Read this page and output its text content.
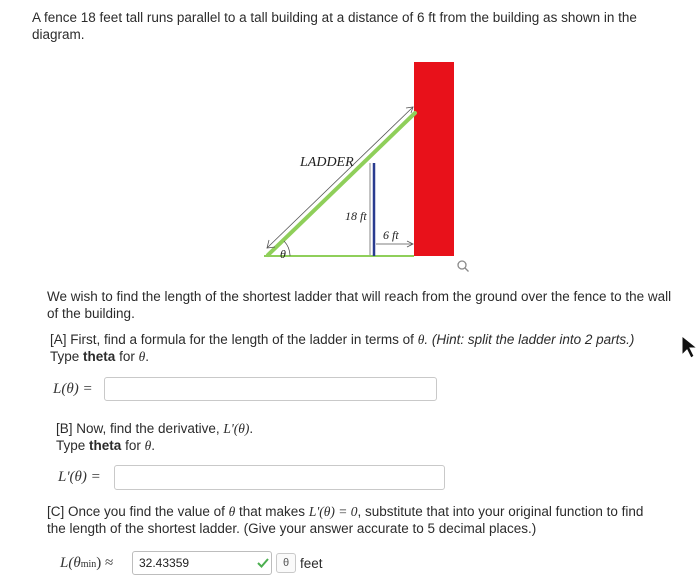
A fence 18 feet tall runs parallel to a tall building at a distance of 6 ft from the building as shown in the
diagram.
LADDER
18 ft
6 ft
θ
We wish to find the length of the shortest ladder that will reach from the ground over the fence to the wall
of the building.
[A] First, find a formula for the length of the ladder in terms of θ. (Hint: split the ladder into 2 parts.)
Type theta for θ.
L(θ) =
[B] Now, find the derivative, L'(θ).
Type theta for θ.
L'(θ) =
[C] Once you find the value of θ that makes L'(θ) = 0, substitute that into your original function to find
the length of the shortest ladder. (Give your answer accurate to 5 decimal places.)
L(θmin) ≈
32.43359	θ feet
